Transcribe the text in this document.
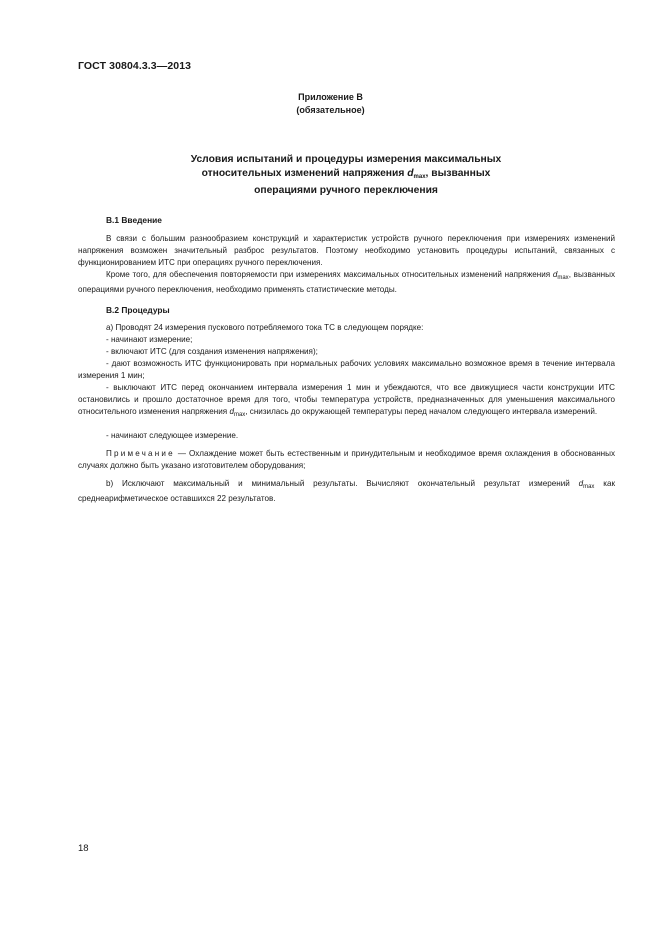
ГОСТ 30804.3.3—2013
Приложение В
(обязательное)
Условия испытаний и процедуры измерения максимальных
относительных изменений напряжения $d_{max}$, вызванных
операциями ручного переключения
В.1 Введение

В связи с большим разнообразием конструкций и характеристик устройств ручного переключения при измерениях изменений напряжения возможен значительный разброс результатов. Поэтому необходимо установить процедуры испытаний, связанных с функционированием ИТС при операциях ручного переключения.

Кроме того, для обеспечения повторяемости при измерениях максимальных относительных изменений напряжения $d_{max}$, вызванных операциями ручного переключения, необходимо применять статистические методы.

В.2 Процедуры

а) Проводят 24 измерения пускового потребляемого тока ТС в следующем порядке:

- начинают измерение;

- включают ИТС (для создания изменения напряжения);

- дают возможность ИТС функционировать при нормальных рабочих условиях максимально возможное время в течение интервала измерения 1 мин;

- выключают ИТС перед окончанием интервала измерения 1 мин и убеждаются, что все движущиеся части конструкции ИТС остановились и прошло достаточное время для того, чтобы температура устройств, предназначенных для уменьшения максимального относительного изменения напряжения $d_{max}$, снизилась до окружающей температуры перед началом следующего интервала измерений.

- начинают следующее измерение.

Примечание — Охлаждение может быть естественным и принудительным и необходимое время охлаждения в обоснованных случаях должно быть указано изготовителем оборудования;

b) Исключают максимальный и минимальный результаты. Вычисляют окончательный результат измерений $d_{max}$ как среднеарифметическое оставшихся 22 результатов.

18
